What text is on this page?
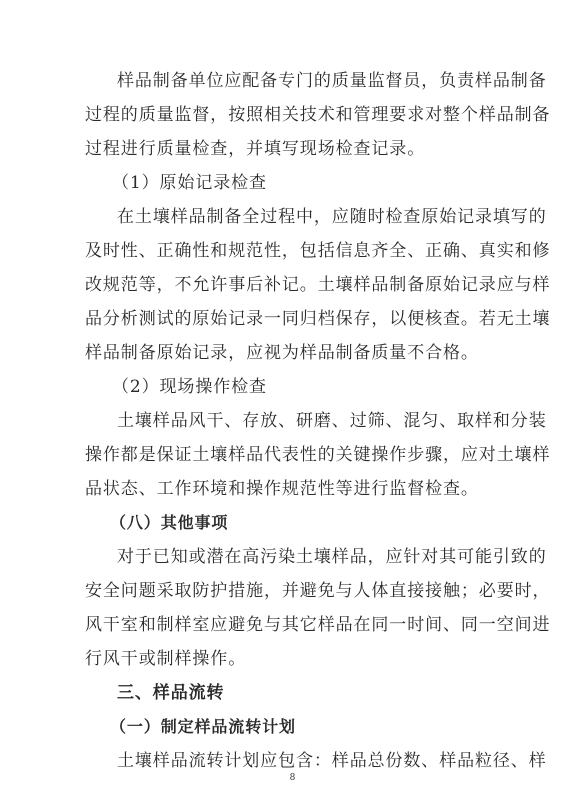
样品制备单位应配备专门的质量监督员，负责样品制备
过程的质量监督，按照相关技术和管理要求对整个样品制备
过程进行质量检查，并填写现场检查记录。
（1）原始记录检查
在土壤样品制备全过程中，应随时检查原始记录填写的
及时性、正确性和规范性，包括信息齐全、正确、真实和修
改规范等，不允许事后补记。土壤样品制备原始记录应与样
品分析测试的原始记录一同归档保存，以便核查。若无土壤
样品制备原始记录，应视为样品制备质量不合格。
（2）现场操作检查
土壤样品风干、存放、研磨、过筛、混匀、取样和分装
操作都是保证土壤样品代表性的关键操作步骤，应对土壤样
品状态、工作环境和操作规范性等进行监督检查。
（八）其他事项
对于已知或潜在高污染土壤样品，应针对其可能引致的
安全问题采取防护措施，并避免与人体直接接触；必要时，
风干室和制样室应避免与其它样品在同一时间、同一空间进
行风干或制样操作。
三、样品流转
（一）制定样品流转计划
土壤样品流转计划应包含：样品总份数、样品粒径、样
8
